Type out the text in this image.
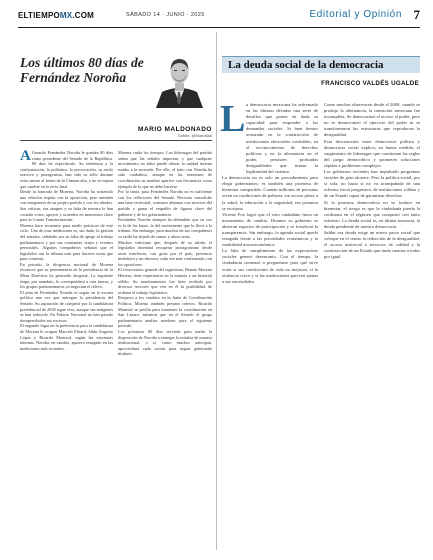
ELTIEMPOMX.COM	SÁBADO 14 · JUNIO · 2025	Editorial y Opinión 7
Los últimos 80 días de Fernández Noroña
MARIO MALDONADO
Twitter: @MarioMal

A Gerardo Fernández Noroña le quedan 80 días como presidente del Senado de la República. 80 días de espectáculo. Su tendencia a la confrontación, la polémica, la provocación, su estilo reactivo y protagonista, han sido su sello durante estos meses al frente de la Cámara alta, y no se espera que cambie en la recta final.

Desde la bancada de Morena, Noroña ha sostenido una relación ríspida con la oposición, pero también con integrantes de su propio partido y con los aliados. Sus críticas, sus ataques y su falta de mesura le han costado votos, apoyos y acuerdos en momentos clave para la Cuarta Transformación.

Morena hace recuentos para medir prácticas de este ciclo. Una de esas mediciones es, sin duda, la gestión del senador, señalado por su falta de apego al trabajo parlamentario y por sus constantes viajes y eventos personales. Algunos compañeros señalan que el legislador usa la tribuna más para hacerse notar que para construir.

En privado, la dirigencia nacional de Morena reconoce que su permanencia en la presidencia de la Mesa Directiva ha generado desgaste. La siguiente etapa, por mandato, le corresponderá a otra fuerza, y los grupos parlamentarios ya negocian el relevo.

El plan de Fernández Noroña es seguir en la escena política una vez que entregue la presidencia del Senado. Su aspiración de competir por la candidatura presidencial de 2030 sigue viva, aunque sus márgenes se han reducido. En Palacio Nacional no han pasado desapercibidos sus excesos.

El segundo lugar en la preferencia para la candidatura de Morena lo ocupan Marcelo Ebrard, Adán Augusto López y Ricardo Monreal, según las encuestas internas. Noroña, en cambio, aparece rezagado en las mediciones más recientes.

Morena cuida los tiempos. Los liderazgos del partido saben que las señales importan, y que cualquier movimiento en falso puede alterar la unidad interna rumbo a la sucesión. Por ello, el trato con Noroña ha sido cuidadoso, aunque en las reuniones de coordinación su nombre aparece con frecuencia como ejemplo de lo que no debe hacerse.

Por lo tanto, para Fernández Noroña no es suficiente con los reflectores del Senado. Necesita consolidar una base territorial, construir alianzas con sectores del partido y ganar el respaldo de figuras clave del gabinete y de los gobernadores.

Fernández Noroña siempre ha defendido que su voz es la de las bases, la del movimiento que lo llevó a la tribuna. Sin embargo, para muchos de sus compañeros su estilo ha dejado de sumar y ahora resta.

Muchos vaticinan que, después de su salida, el legislador intentará recuperar protagonismo desde otras trincheras, con giras por el país, presencia mediática y un discurso cada vez más confrontado con los opositores.

El exsecretario general del organismo, Renato Moreno Herrera, tiene experiencia en la materia y un historial sólido. Su nombramiento fue bien recibido por diversos sectores que ven en él la posibilidad de ordenar el trabajo legislativo.

Respecto a los cambios en la Junta de Coordinación Política, Morena también prepara relevos. Ricardo Monreal se perfila para mantener la coordinación en San Lázaro, mientras que en el Senado el grupo parlamentario analiza nombres para el siguiente periodo.

Los próximos 80 días servirán para medir la disposición de Noroña a entregar la estafeta de manera institucional, o si, como muchos anticipan, aprovechará cada sesión para seguir generando titulares.

La deuda social de la democracia
FRANCISCO VALDÉS UGALDE
L a democracia mexicana ha enfrentado en las últimas décadas una serie de desafíos que ponen en duda su capacidad para responder a las demandas sociales. Si bien hemos avanzado en la construcción de instituciones electorales confiables, en el reconocimiento de derechos políticos y en la alternancia en el poder, persisten profundas desigualdades que minan la legitimidad del sistema.

La democracia no es solo un procedimiento para elegir gobernantes; es también una promesa de bienestar compartido. Cuando millones de personas viven en condiciones de pobreza, sin acceso pleno a la salud, la educación o la seguridad, esa promesa se erosiona.

Vicente Fox logró que el voto ciudadano fuera un instrumento de cambio. Durante su gobierno se abrieron espacios de participación y se fortaleció la transparencia. Sin embargo, la agenda social quedó rezagada frente a las prioridades económicas y la estabilidad macroeconómica.

La falta de cumplimiento de las expectativas sociales generó desencanto. Con el tiempo, la ciudadanía comenzó a preguntarse para qué sirve votar si sus condiciones de vida no mejoran, si la violencia crece y si las instituciones parecen ajenas a sus necesidades.

Como muchos observaron desde el 2000, cuando se produjo la alternancia, la transición mexicana fue incompleta. Se democratizó el acceso al poder, pero no se democratizó el ejercicio del poder ni se transformaron las estructuras que reproducen la desigualdad.

Esta desconexión entre democracia política y democracia social explica, en buena medida, el surgimiento de liderazgos que cuestionan las reglas del juego democrático y prometen soluciones rápidas a problemas complejos.

Los gobiernos recientes han impulsado programas sociales de gran alcance. Pero la política social, por sí sola, no basta si no va acompañada de una reforma fiscal progresiva, de instituciones sólidas y de un Estado capaz de garantizar derechos.

Si la promesa democrática no se traduce en bienestar, el riesgo es que la ciudadanía pierda la confianza en el régimen que conquistó con tanto esfuerzo. La deuda social es, en última instancia, la deuda pendiente de nuestra democracia.

Saldar esa deuda exige un nuevo pacto social que coloque en el centro la reducción de la desigualdad, el acceso universal a servicios de calidad y la construcción de un Estado que rinda cuentas a todos por igual.
